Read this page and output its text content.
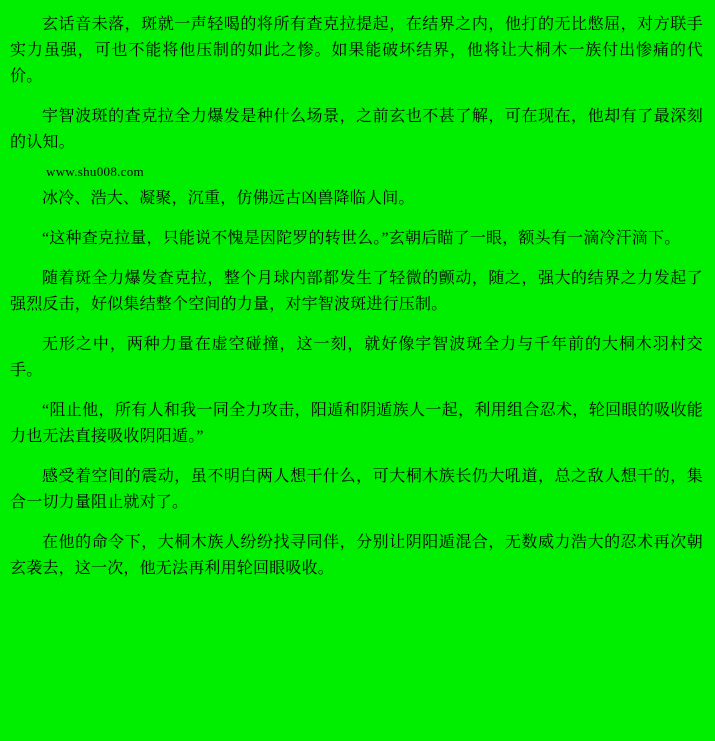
玄话音未落，斑就一声轻喝的将所有查克拉提起，在结界之内，他打的无比憋屈，对方联手实力虽强，可也不能将他压制的如此之惨。如果能破坏结界，他将让大桐木一族付出惨痛的代价。

宇智波斑的查克拉全力爆发是种什么场景，之前玄也不甚了解，可在现在，他却有了最深刻的认知。

www.shu008.com

冰冷、浩大、凝聚，沉重，仿佛远古凶兽降临人间。

“这种查克拉量，只能说不愧是因陀罗的转世么。”玄朝后瞄了一眼，额头有一滴冷汗滴下。

随着斑全力爆发查克拉，整个月球内部都发生了轻微的颤动，随之，强大的结界之力发起了强烈反击，好似集结整个空间的力量，对宇智波斑进行压制。

无形之中，两种力量在虚空碰撞，这一刻，就好像宇智波斑全力与千年前的大桐木羽村交手。

“阻止他，所有人和我一同全力攻击，阳遁和阴遁族人一起，利用组合忍术，轮回眼的吸收能力也无法直接吸收阴阳遁。”

感受着空间的震动，虽不明白两人想干什么，可大桐木族长仍大吼道，总之敌人想干的，集合一切力量阻止就对了。

在他的命令下，大桐木族人纷纷找寻同伴，分别让阴阳遁混合，无数威力浩大的忍术再次朝玄袭去，这一次，他无法再利用轮回眼吸收。
